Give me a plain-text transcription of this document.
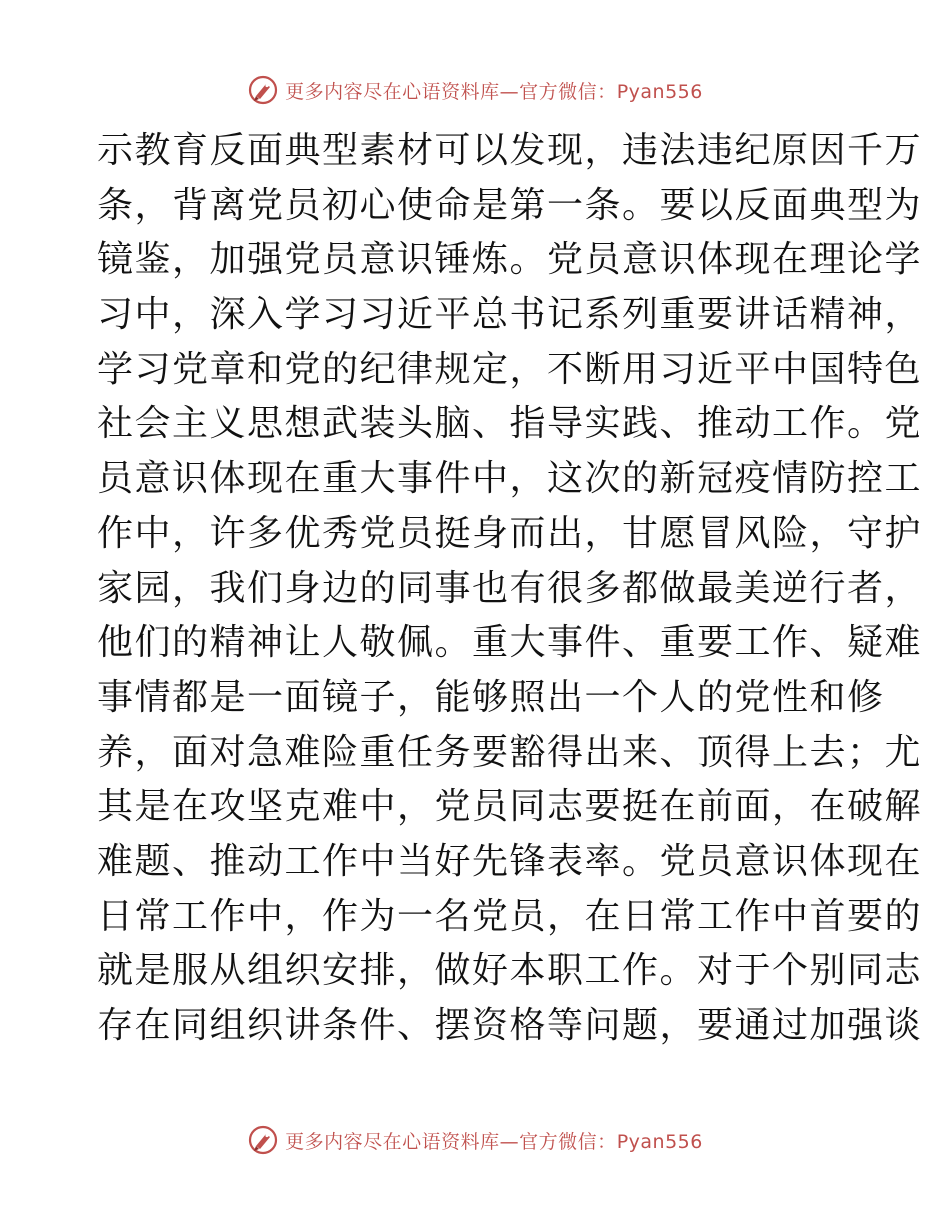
更多内容尽在心语资料库—官方微信：Pyan556
示教育反面典型素材可以发现，违法违纪原因千万
条，背离党员初心使命是第一条。要以反面典型为
镜鉴，加强党员意识锤炼。党员意识体现在理论学
习中，深入学习习近平总书记系列重要讲话精神，
学习党章和党的纪律规定，不断用习近平中国特色
社会主义思想武装头脑、指导实践、推动工作。党
员意识体现在重大事件中，这次的新冠疫情防控工
作中，许多优秀党员挺身而出，甘愿冒风险，守护
家园，我们身边的同事也有很多都做最美逆行者，
他们的精神让人敬佩。重大事件、重要工作、疑难
事情都是一面镜子，能够照出一个人的党性和修
养，面对急难险重任务要豁得出来、顶得上去；尤
其是在攻坚克难中，党员同志要挺在前面，在破解
难题、推动工作中当好先锋表率。党员意识体现在
日常工作中，作为一名党员，在日常工作中首要的
就是服从组织安排，做好本职工作。对于个别同志
存在同组织讲条件、摆资格等问题，要通过加强谈
更多内容尽在心语资料库—官方微信：Pyan556
